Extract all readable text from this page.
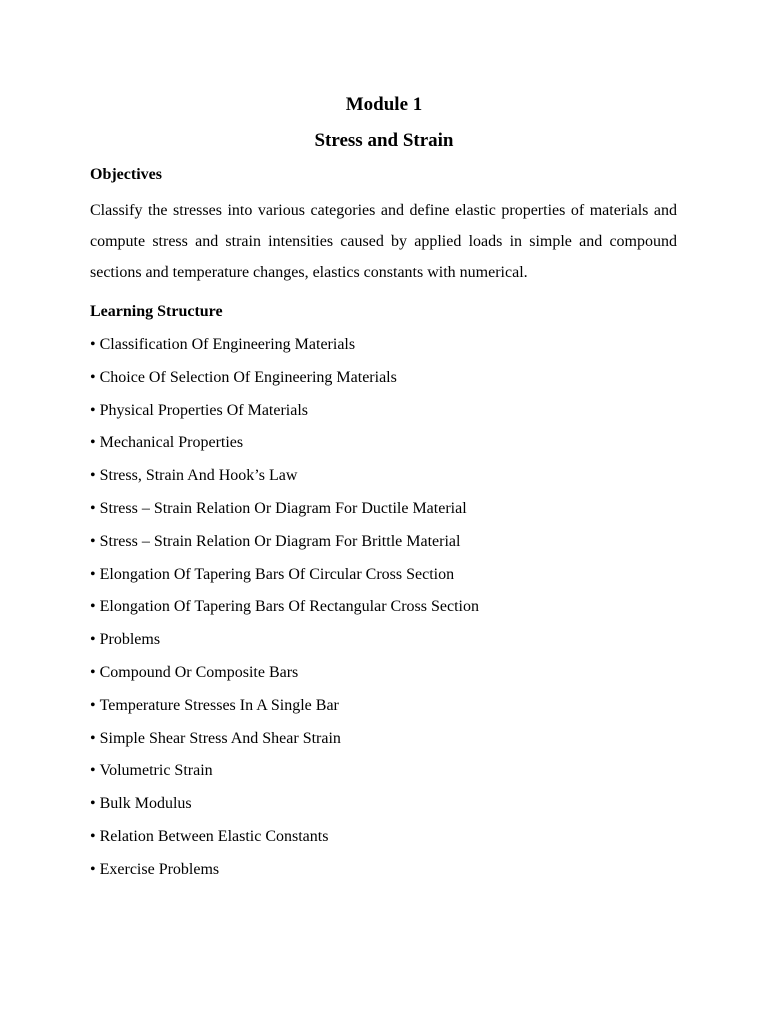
Module 1
Stress and Strain
Objectives

Classify the stresses into various categories and define elastic properties of materials and compute stress and strain intensities caused by applied loads in simple and compound sections and temperature changes, elastics constants with numerical.

Learning Structure
• Classification Of Engineering Materials
• Choice Of Selection Of Engineering Materials
• Physical Properties Of Materials
• Mechanical Properties
• Stress, Strain And Hook’s Law
• Stress – Strain Relation Or Diagram For Ductile Material
• Stress – Strain Relation Or Diagram For Brittle Material
• Elongation Of Tapering Bars Of Circular Cross Section
• Elongation Of Tapering Bars Of Rectangular Cross Section
• Problems
• Compound Or Composite Bars
• Temperature Stresses In A Single Bar
• Simple Shear Stress And Shear Strain
• Volumetric Strain
• Bulk Modulus
• Relation Between Elastic Constants
• Exercise Problems
